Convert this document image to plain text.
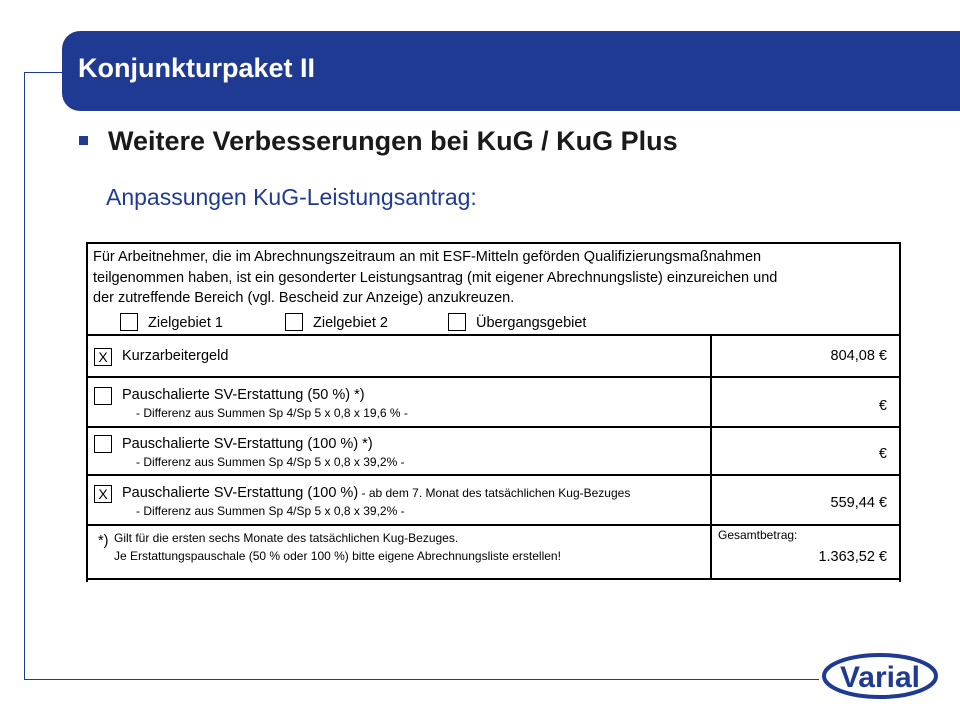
Konjunkturpaket II
Weitere Verbesserungen bei KuG / KuG Plus
Anpassungen KuG-Leistungsantrag:
Für Arbeitnehmer, die im Abrechnungszeitraum an mit ESF-Mitteln geförden Qualifizierungsmaßnahmen
teilgenommen haben, ist ein gesonderter Leistungsantrag (mit eigener Abrechnungsliste) einzureichen und
der zutreffende Bereich (vgl. Bescheid zur Anzeige) anzukreuzen.
Zielgebiet 1	Zielgebiet 2	Übergangsgebiet
X Kurzarbeitergeld	804,08 €
Pauschalierte SV-Erstattung (50 %) *)
- Differenz aus Summen Sp 4/Sp 5 x 0,8 x 19,6 % -	€
Pauschalierte SV-Erstattung (100 %) *)
- Differenz aus Summen Sp 4/Sp 5 x 0,8 x 39,2% -	€
X Pauschalierte SV-Erstattung (100 %) - ab dem 7. Monat des tatsächlichen Kug-Bezuges
- Differenz aus Summen Sp 4/Sp 5 x 0,8 x 39,2% -	559,44 €
*) Gilt für die ersten sechs Monate des tatsächlichen Kug-Bezuges.
Je Erstattungspauschale (50 % oder 100 %) bitte eigene Abrechnungsliste erstellen!
Gesamtbetrag:
1.363,52 €
Varial
